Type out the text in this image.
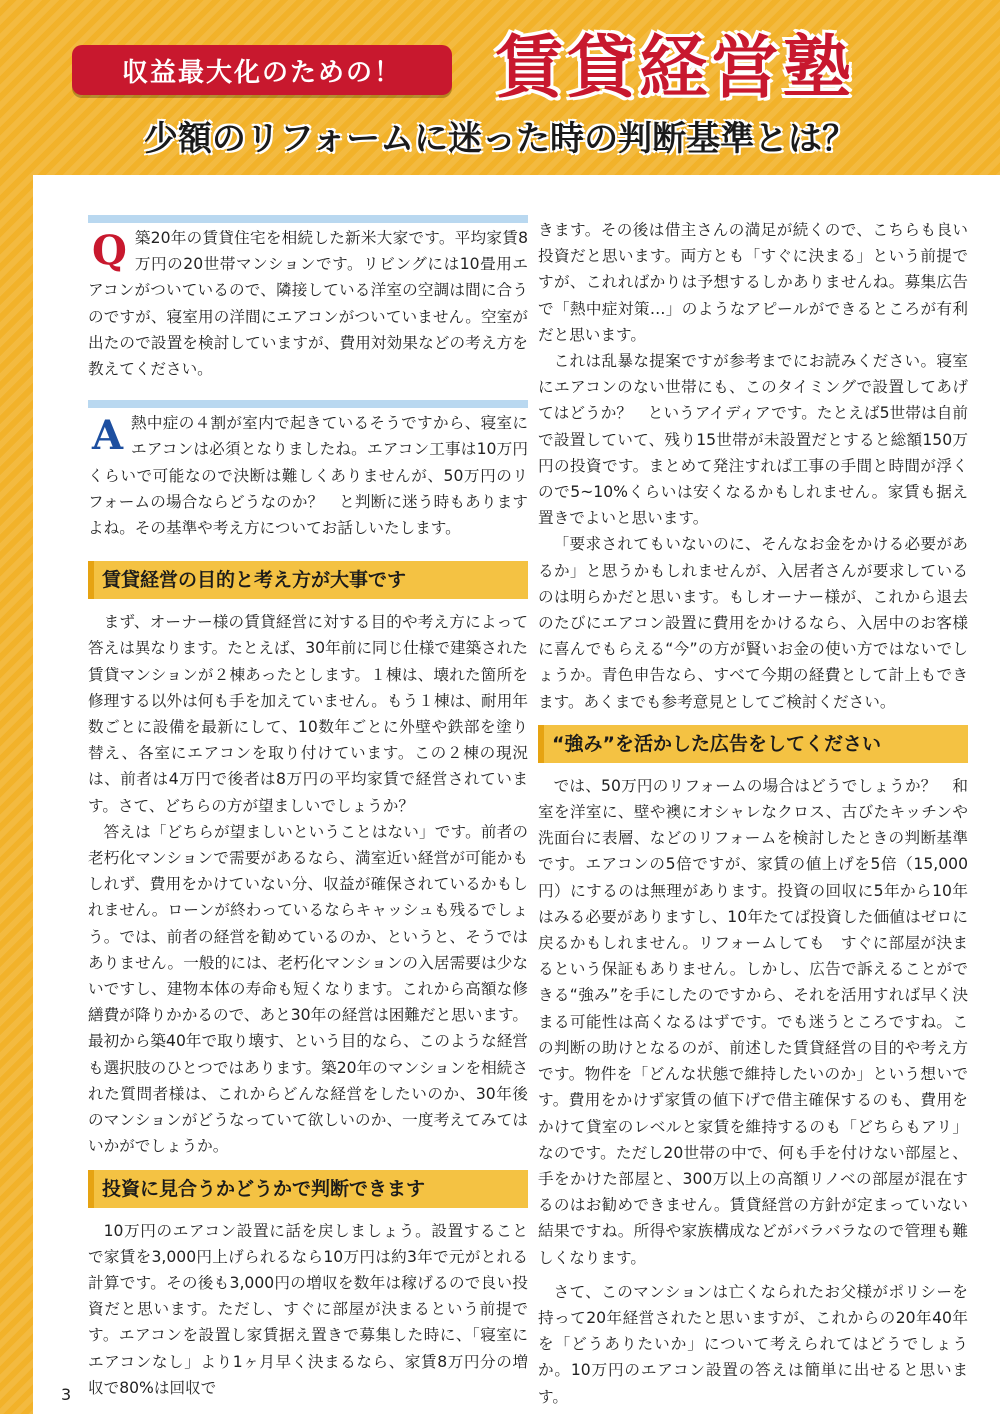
収益最大化のための！	賃貸経営塾
少額のリフォームに迷った時の判断基準とは？
Q 築20年の賃貸住宅を相続した新米大家です。平均家賃8万円の20世帯マンションです。リビングには10畳用エアコンがついているので、隣接している洋室の空調は間に合うのですが、寝室用の洋間にエアコンがついていません。空室が出たので設置を検討していますが、費用対効果などの考え方を教えてください。

A 熱中症の４割が室内で起きているそうですから、寝室にエアコンは必須となりましたね。エアコン工事は10万円くらいで可能なので決断は難しくありませんが、50万円のリフォームの場合ならどうなのか？　と判断に迷う時もありますよね。その基準や考え方についてお話しいたします。

賃貸経営の目的と考え方が大事です

まず、オーナー様の賃貸経営に対する目的や考え方によって答えは異なります。たとえば、30年前に同じ仕様で建築された賃貸マンションが２棟あったとします。１棟は、壊れた箇所を修理する以外は何も手を加えていません。もう１棟は、耐用年数ごとに設備を最新にして、10数年ごとに外壁や鉄部を塗り替え、各室にエアコンを取り付けています。この２棟の現況は、前者は4万円で後者は8万円の平均家賃で経営されています。さて、どちらの方が望ましいでしょうか？

答えは「どちらが望ましいということはない」です。前者の老朽化マンションで需要があるなら、満室近い経営が可能かもしれず、費用をかけていない分、収益が確保されているかもしれません。ローンが終わっているならキャッシュも残るでしょう。では、前者の経営を勧めているのか、というと、そうではありません。一般的には、老朽化マンションの入居需要は少ないですし、建物本体の寿命も短くなります。これから高額な修繕費が降りかかるので、あと30年の経営は困難だと思います。最初から築40年で取り壊す、という目的なら、このような経営も選択肢のひとつではあります。築20年のマンションを相続された質問者様は、これからどんな経営をしたいのか、30年後のマンションがどうなっていて欲しいのか、一度考えてみてはいかがでしょうか。

投資に見合うかどうかで判断できます

10万円のエアコン設置に話を戻しましょう。設置することで家賃を3,000円上げられるなら10万円は約3年で元がとれる計算です。その後も3,000円の増収を数年は稼げるので良い投資だと思います。ただし、すぐに部屋が決まるという前提です。エアコンを設置し家賃据え置きで募集した時に、「寝室にエアコンなし」より1ヶ月早く決まるなら、家賃8万円分の増収で80%は回収で

きます。その後は借主さんの満足が続くので、こちらも良い投資だと思います。両方とも「すぐに決まる」という前提ですが、これればかりは予想するしかありませんね。募集広告で「熱中症対策…」のようなアピールができるところが有利だと思います。

これは乱暴な提案ですが参考までにお読みください。寝室にエアコンのない世帯にも、このタイミングで設置してあげてはどうか？　というアイディアです。たとえば5世帯は自前で設置していて、残り15世帯が未設置だとすると総額150万円の投資です。まとめて発注すれば工事の手間と時間が浮くので5~10%くらいは安くなるかもしれません。家賃も据え置きでよいと思います。

「要求されてもいないのに、そんなお金をかける必要があるか」と思うかもしれませんが、入居者さんが要求しているのは明らかだと思います。もしオーナー様が、これから退去のたびにエアコン設置に費用をかけるなら、入居中のお客様に喜んでもらえる“今”の方が賢いお金の使い方ではないでしょうか。青色申告なら、すべて今期の経費として計上もできます。あくまでも参考意見としてご検討ください。

“強み”を活かした広告をしてください

では、50万円のリフォームの場合はどうでしょうか？　和室を洋室に、壁や襖にオシャレなクロス、古びたキッチンや洗面台に表層、などのリフォームを検討したときの判断基準です。エアコンの5倍ですが、家賃の値上げを5倍（15,000円）にするのは無理があります。投資の回収に5年から10年はみる必要がありますし、10年たてば投資した価値はゼロに戻るかもしれません。リフォームしても　すぐに部屋が決まるという保証もありません。しかし、広告で訴えることができる“強み”を手にしたのですから、それを活用すれば早く決まる可能性は高くなるはずです。でも迷うところですね。この判断の助けとなるのが、前述した賃貸経営の目的や考え方です。物件を「どんな状態で維持したいのか」という想いです。費用をかけず家賃の値下げで借主確保するのも、費用をかけて貸室のレベルと家賃を維持するのも「どちらもアリ」なのです。ただし20世帯の中で、何も手を付けない部屋と、手をかけた部屋と、300万以上の高額リノベの部屋が混在するのはお勧めできません。賃貸経営の方針が定まっていない結果ですね。所得や家族構成などがバラバラなので管理も難しくなります。

さて、このマンションは亡くなられたお父様がポリシーを持って20年経営されたと思いますが、これからの20年40年を「どうありたいか」について考えられてはどうでしょうか。10万円のエアコン設置の答えは簡単に出せると思います。

3
